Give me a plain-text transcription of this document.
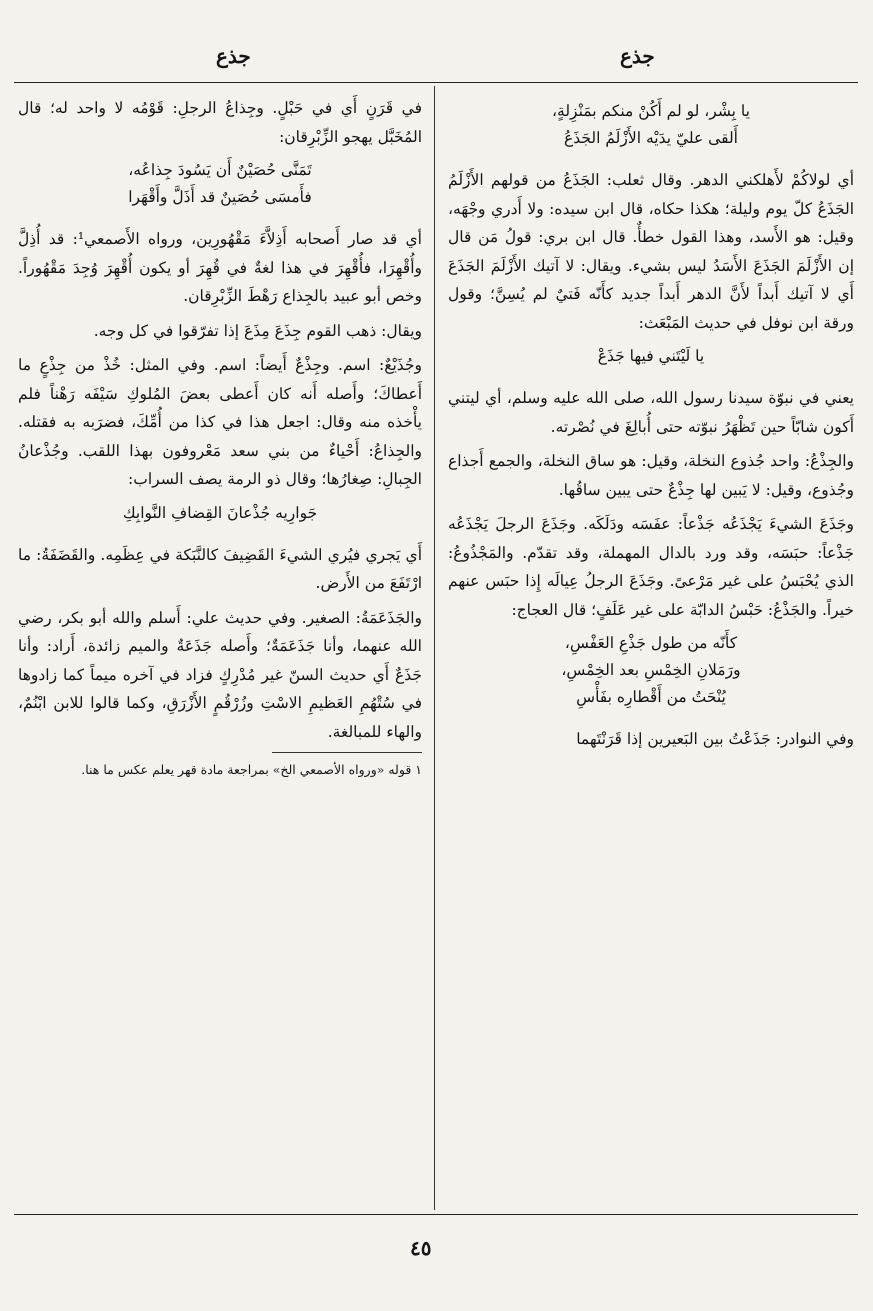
جذع	جذع
يا بِشْر، لو لم أَكُنْ منكم بمَنْزِلةٍ،
أَلقى عليّ يدَيْه الأَزْلَمُ الجَذَعُ

أي لولاكُمْ لأَهلكني الدهر. وقال ثعلب: الجَذَعُ من قولهم الأَزْلَمُ الجَذَعُ كلّ يوم وليلة؛ هكذا حكاه، قال ابن سيده: ولا أَدري وجْهَه، وقيل: هو الأَسد، وهذا القول خطأٌ. قال ابن بري: قولُ مَن قال إن الأَزْلَمَ الجَذَعَ الأَسَدُ ليس بشيء. ويقال: لا آتيك الأَزْلَمَ الجَذَعَ أَي لا آتيك أَبداً لأَنَّ الدهر أَبداً جديد كأَنّه فَتيٌ لم يُسِنَّ؛ وقول ورقة ابن نوفل في حديث المَبْعَث:

يا لَيْتَني فيها جَذَعْ

يعني في نبوّة سيدنا رسول الله، صلى الله عليه وسلم، أي ليتني أَكون شابّاً حين تَظْهَرُ نبوّته حتى أُبالِغَ في نُصْرته.

والجِذْعُ: واحد جُذوع النخلة، وقيل: هو ساق النخلة، والجمع أَجذاع وجُذوع، وقيل: لا يَبين لها جِذْعٌ حتى يبين ساقُها.

وجَذَعَ الشيءَ يَجْذَعُه جَذْعاً: عفَسَه ودَلَكَه. وجَذَعَ الرجلَ يَجْذَعُه جَذْعاً: حبَسَه، وقد ورد بالدال المهملة، وقد تقدّم. والمَجْذُوعُ: الذي يُحْبَسُ على غير مَرْعىً. وجَذَعَ الرجلُ عِيالَه إِذا حبَس عنهم خيراً. والجَذْعُ: حَبْسُ الدابّة على غير عَلَفٍ؛ قال العجاج:

كأَنّه من طول جَذْعِ العَفْسِ،
ورَمَلانِ الخِمْسِ بعد الخِمْسِ،
يُنْحَتُ من أَقْطارِه بفَأْسِ

وفي النوادر: جَذَعْتُ بين البَعيرين إذا قَرَنْتَهما

في قَرَنٍ أَي في حَبْلٍ. وجِذاعُ الرجلِ: قَوْمُه لا واحد له؛ قال المُخَبَّل يهجو الزِّبْرِقان:

تَمَنَّى حُصَيْنٌ أَن يَسُودَ جِذاعُه،
فأَمسَى حُصَينٌ قد أَذَلَّ وأَقْهَرا

أي قد صار أَصحابه أَذِلاَّءَ مَقْهُورِين، ورواه الأَصمعي¹: قد أُذِلَّ وأُقْهِرَا، فأُقْهِرَ في هذا لغةٌ في قُهِرَ أو يكون أُقْهِرَ وُجِدَ مَقْهُوراً. وخص أبو عبيد بالجِذاع رَهْطَ الزِّبْرِقان.

ويقال: ذهب القوم جِذَعَ مِذَعَ إذا تفرّقوا في كل وجه.

وجُذَيْعٌ: اسم. وجِذْعٌ أَيضاً: اسم. وفي المثل: خُذْ من جِذْعٍ ما أَعطاكَ؛ وأَصله أَنه كان أَعطى بعضَ المُلوكِ سَيْفَه رَهْناً فلم يأْخذه منه وقال: اجعل هذا في كذا من أُمِّكَ، فضرَبه به فقتله. والجِذاعُ: أَحْياءٌ من بني سعد مَعْروفون بهذا اللقب. وجُذْعانُ الجِبالِ: صِغارُها؛ وقال ذو الرمة يصف السراب:

جَوارِيه جُذْعانَ القِضافِ النَّوابِكِ

أَي يَجري فيُري الشيءَ القَضِيفَ كالنَّبَكة في عِظَمِه. والقَضَفَةُ: ما ارْتَفَعَ من الأَرض.

والجَذَعَمَةُ: الصغير. وفي حديث علي: أَسلم والله أبو بكر، رضي الله عنهما، وأنا جَذَعَمَةٌ؛ وأَصله جَذَعَةٌ والميم زائدة، أَراد: وأنا جَذَعٌ أَي حديث السنّ غير مُدْرِكٍ فزاد في آخره ميماً كما زادوها في سُتْهُمِ العَظيمِ الاسْتِ وزُرْقُمٍ الأَزْرَقِ، وكما قالوا للابن ابْنُمٌ، والهاء للمبالغة.

١ قوله «ورواه الأصمعي الخ» بمراجعة مادة قهر يعلم عكس ما هنا.

٤٥
